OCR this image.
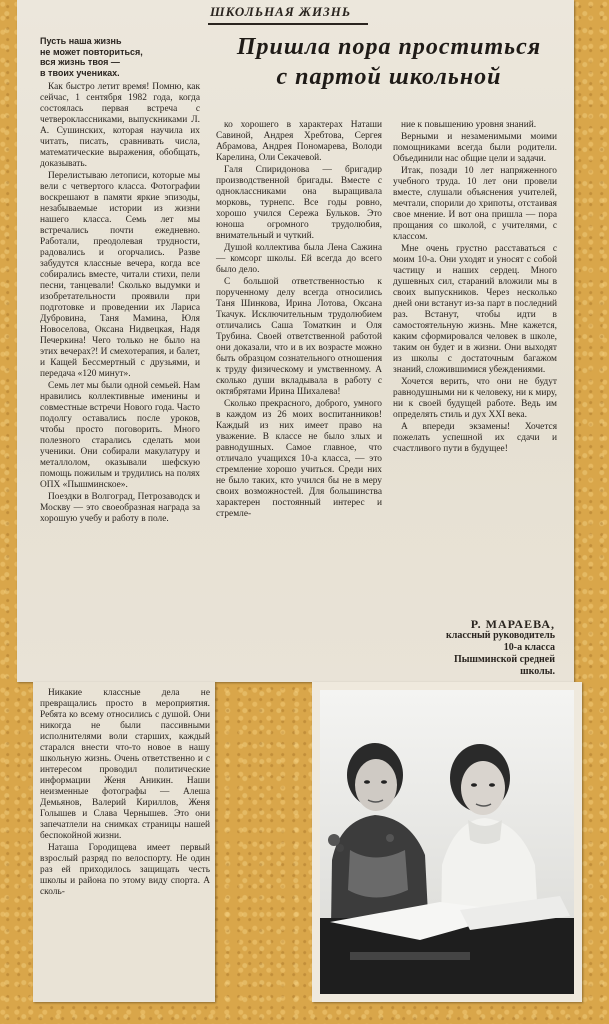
ШКОЛЬНАЯ ЖИЗНЬ
Пришла пора проститься
с партой школьной
Пусть наша жизнь
не может повториться,
вся жизнь твоя —
в твоих учениках.

Как быстро летит время! Помню, как сейчас, 1 сентября 1982 года, когда состоялась первая встреча с четвероклассниками, выпускниками Л. А. Сушинских, которая научила их читать, писать, сравнивать числа, математические выражения, обобщать, доказывать.

Перелистываю летописи, которые мы вели с четвертого класса. Фотографии воскрешают в памяти яркие эпизоды, незабываемые истории из жизни нашего класса. Семь лет мы встречались почти ежедневно. Работали, преодолевая трудности, радовались и огорчались. Разве забудутся классные вечера, когда все собирались вместе, читали стихи, пели песни, танцевали! Сколько выдумки и изобретательности проявили при подготовке и проведении их Лариса Дубровина, Таня Мамина, Юля Новоселова, Оксана Нидвецкая, Надя Печеркина! Чего только не было на этих вечерах?! И смехотерапия, и балет, и Кащей Бессмертный с друзьями, и передача «120 минут».

Семь лет мы были одной семьей. Нам нравились коллективные именины и совместные встречи Нового года. Часто подолгу оставались после уроков, чтобы просто поговорить. Много полезного старались сделать мои ученики. Они собирали макулатуру и металлолом, оказывали шефскую помощь пожилым и трудились на полях ОПХ «Пышминское».

Поездки в Волгоград, Петрозаводск и Москву — это своеобразная награда за хорошую учебу и работу в поле.

ко хорошего в характерах Наташи Савиной, Андрея Хребтова, Сергея Абрамова, Андрея Пономарева, Володи Карелина, Оли Секачевой.

Галя Спиридонова — бригадир производственной бригады. Вместе с одноклассниками она выращивала морковь, турнепс. Все годы ровно, хорошо учился Сережа Бульков. Это юноша огромного трудолюбия, внимательный и чуткий.

Душой коллектива была Лена Сажина — комсорг школы. Ей всегда до всего было дело.

С большой ответственностью к порученному делу всегда относились Таня Шинкова, Ирина Лотова, Оксана Ткачук. Исключительным трудолюбием отличались Саша Томаткин и Оля Трубина. Своей ответственной работой они доказали, что и в их возрасте можно быть образцом сознательного отношения к труду физическому и умственному. А сколько души вкладывала в работу с октябрятами Ирина Шихалева!

Сколько прекрасного, доброго, умного в каждом из 26 моих воспитанников! Каждый из них имеет право на уважение. В классе не было злых и равнодушных. Самое главное, что отличало учащихся 10-а класса, — это стремление хорошо учиться. Среди них не было таких, кто учился бы не в меру своих возможностей. Для большинства характерен постоянный интерес и стремле-

ние к повышению уровня знаний.

Верными и незаменимыми моими помощниками всегда были родители. Объединили нас общие цели и задачи.

Итак, позади 10 лет напряженного учебного труда. 10 лет они провели вместе, слушали объяснения учителей, мечтали, спорили до хрипоты, отстаивая свое мнение. И вот она пришла — пора прощания со школой, с учителями, с классом.

Мне очень грустно расставаться с моим 10-а. Они уходят и уносят с собой частицу и наших сердец. Много душевных сил, стараний вложили мы в своих выпускников. Через несколько дней они встанут из-за парт в последний раз. Встанут, чтобы идти в самостоятельную жизнь. Мне кажется, каким сформировался человек в школе, таким он будет и в жизни. Они выходят из школы с достаточным багажом знаний, сложившимися убеждениями.

Хочется верить, что они не будут равнодушными ни к человеку, ни к миру, ни к своей будущей работе. Ведь им определять стиль и дух XXI века.

А впереди экзамены! Хочется пожелать успешной их сдачи и счастливого пути в будущее!

Р. МАРАЕВА,
классный руководитель
10-а класса
Пышминской средней
школы.

Никакие классные дела не превращались просто в мероприятия. Ребята ко всему относились с душой. Они никогда не были пассивными исполнителями воли старших, каждый старался внести что-то новое в нашу школьную жизнь. Очень ответственно и с интересом проводил политические информации Женя Аникин. Наши неизменные фотографы — Алеша Демьянов, Валерий Кириллов, Женя Голышев и Слава Чернышев. Это они запечатлели на снимках страницы нашей беспокойной жизни.

Наташа Городищева имеет первый взрослый разряд по велоспорту. Не один раз ей приходилось защищать честь школы и района по этому виду спорта. А сколь-
